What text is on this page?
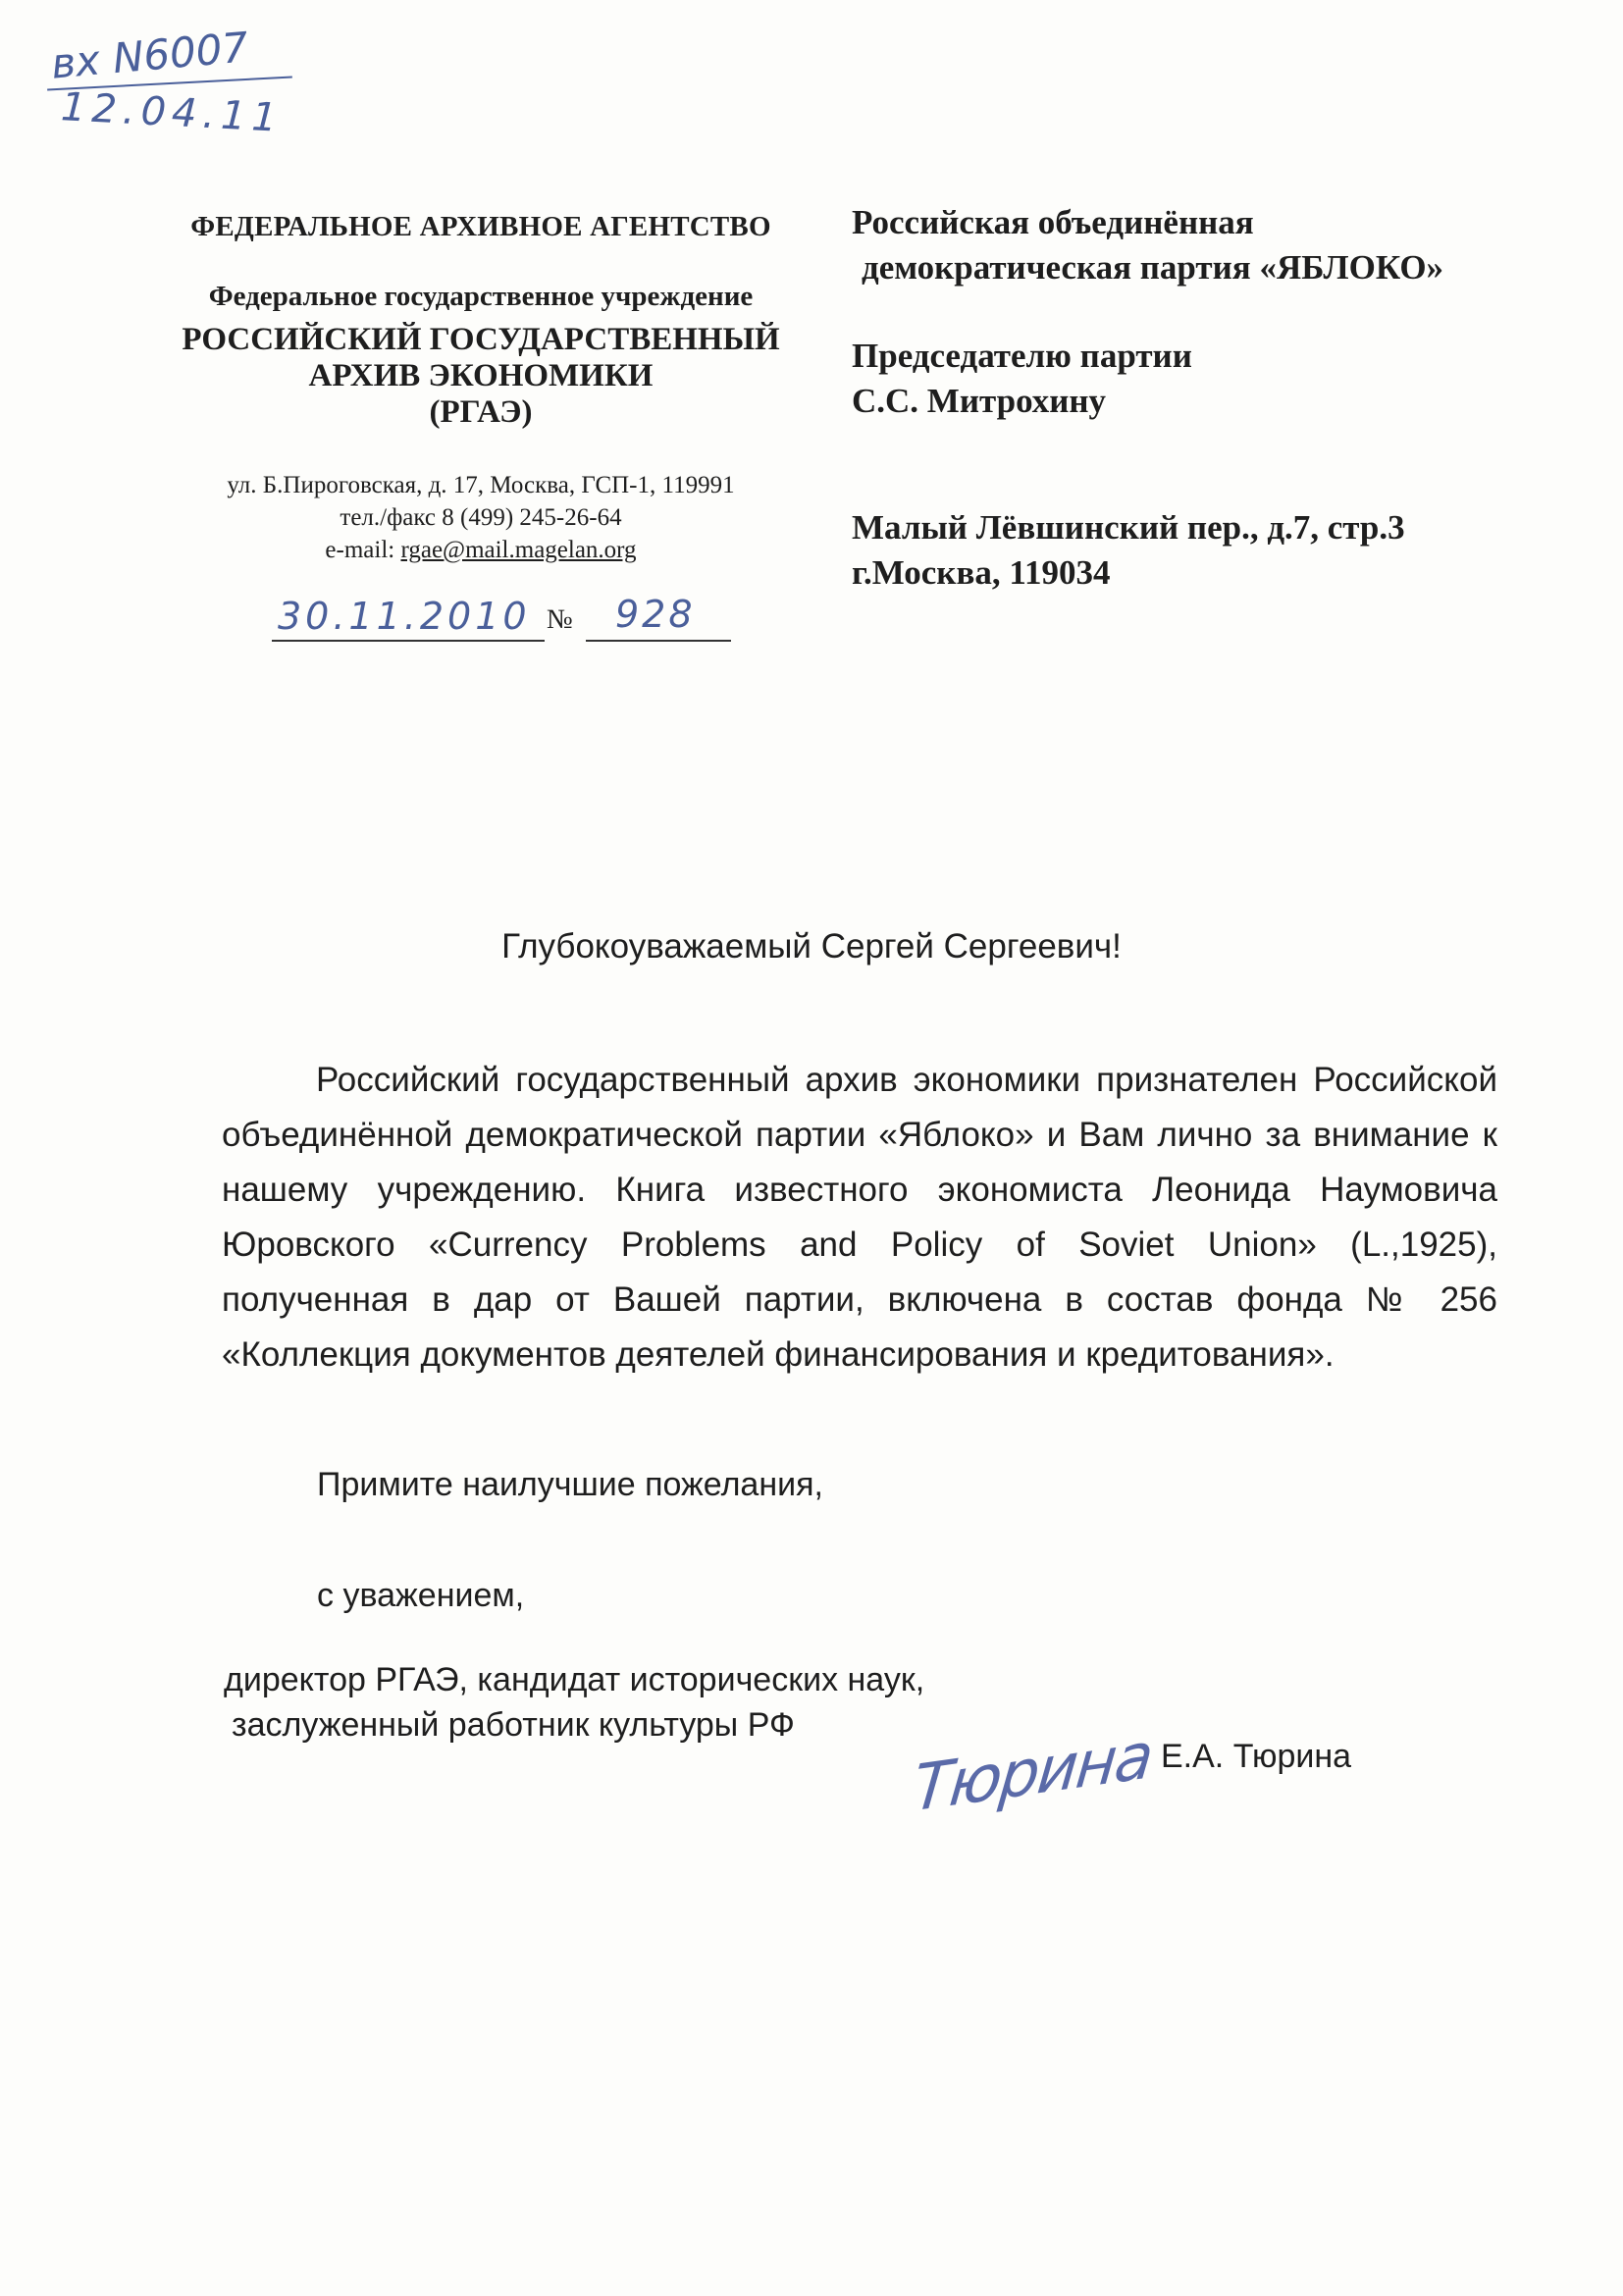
вх N6007
12.04.11
ФЕДЕРАЛЬНОЕ АРХИВНОЕ АГЕНТСТВО
Федеральное государственное учреждение
РОССИЙСКИЙ ГОСУДАРСТВЕННЫЙ
АРХИВ ЭКОНОМИКИ
(РГАЭ)
ул. Б.Пироговская, д. 17, Москва, ГСП-1, 119991
тел./факс 8 (499) 245-26-64
e-mail: rgae@mail.magelan.org
30.11.2010 № 928
Российская объединённая
демократическая партия «ЯБЛОКО»
Председателю партии
С.С. Митрохину
Малый Лёвшинский пер., д.7, стр.3
г.Москва, 119034
Глубокоуважаемый Сергей Сергеевич!
Российский государственный архив экономики признателен Российской объединённой демократической партии «Яблоко» и Вам лично за внимание к нашему учреждению. Книга известного экономиста Леонида Наумовича Юровского «Currency Problems and Policy of Soviet Union» (L.,1925), полученная в дар от Вашей партии, включена в состав фонда № 256 «Коллекция документов деятелей финансирования и кредитования».
Примите наилучшие пожелания,
с уважением,
директор РГАЭ, кандидат исторических наук,
заслуженный работник культуры РФ Тюрина Е.А. Тюрина
